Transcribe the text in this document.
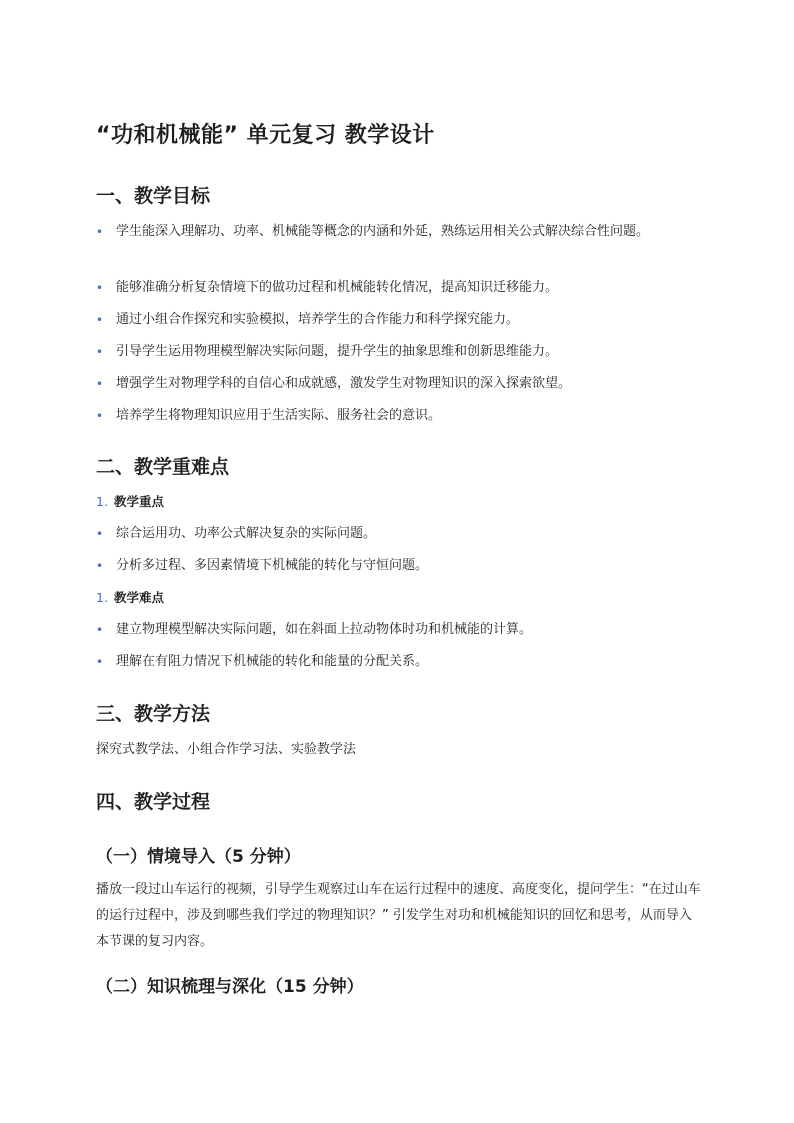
“功和机械能” 单元复习 教学设计
一、教学目标
• 学生能深入理解功、功率、机械能等概念的内涵和外延，熟练运用相关公式解决综合性问题。
• 能够准确分析复杂情境下的做功过程和机械能转化情况，提高知识迁移能力。
• 通过小组合作探究和实验模拟，培养学生的合作能力和科学探究能力。
• 引导学生运用物理模型解决实际问题，提升学生的抽象思维和创新思维能力。
• 增强学生对物理学科的自信心和成就感，激发学生对物理知识的深入探索欲望。
• 培养学生将物理知识应用于生活实际、服务社会的意识。
二、教学重难点
1. 教学重点
• 综合运用功、功率公式解决复杂的实际问题。
• 分析多过程、多因素情境下机械能的转化与守恒问题。
1. 教学难点
• 建立物理模型解决实际问题，如在斜面上拉动物体时功和机械能的计算。
• 理解在有阻力情况下机械能的转化和能量的分配关系。
三、教学方法
探究式教学法、小组合作学习法、实验教学法
四、教学过程
（一）情境导入（5 分钟）
播放一段过山车运行的视频，引导学生观察过山车在运行过程中的速度、高度变化，提问学生：“在过山车的运行过程中，涉及到哪些我们学过的物理知识？” 引发学生对功和机械能知识的回忆和思考，从而导入本节课的复习内容。
（二）知识梳理与深化（15 分钟）
